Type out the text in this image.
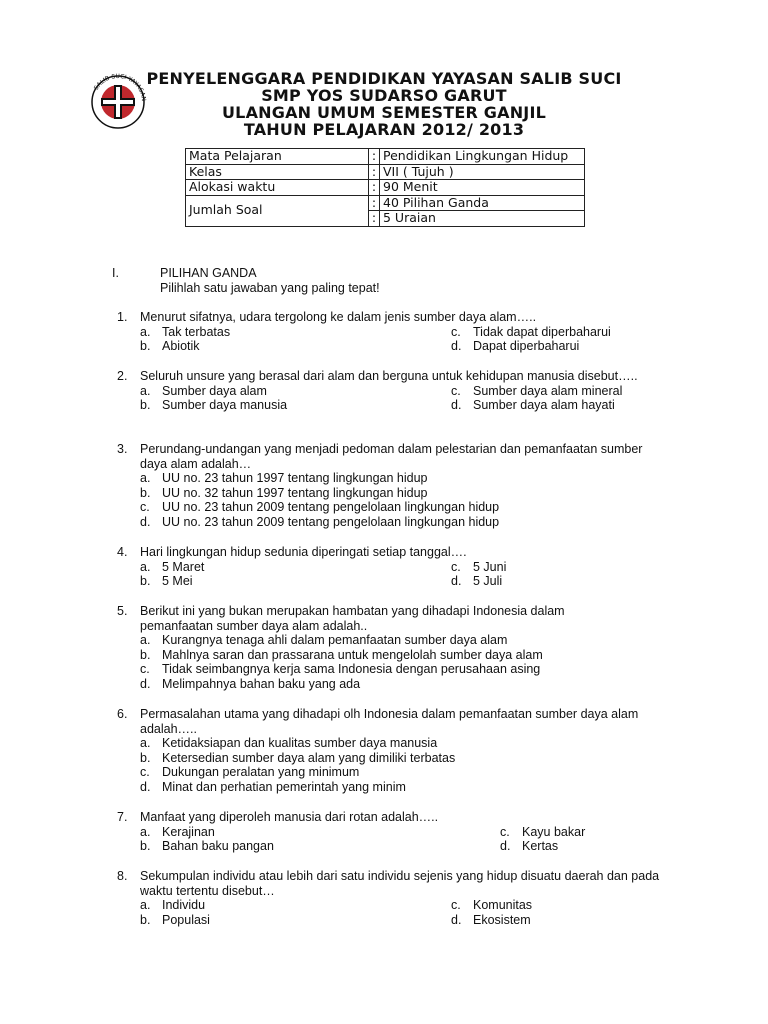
SALIB SUCI YAYASAN
PENYELENGGARA PENDIDIKAN YAYASAN SALIB SUCI
SMP YOS SUDARSO GARUT
ULANGAN UMUM SEMESTER GANJIL
TAHUN PELAJARAN 2012/ 2013
Mata Pelajaran	:	Pendidikan Lingkungan Hidup
Kelas	:	VII ( Tujuh )
Alokasi waktu	:	90 Menit
Jumlah Soal	:	40 Pilihan Ganda
	:	5 Uraian
I.	PILIHAN GANDA
Pilihlah satu jawaban yang paling tepat!
1. Menurut sifatnya, udara tergolong ke dalam jenis sumber daya alam…..
a. Tak terbatas	c. Tidak dapat diperbaharui
b. Abiotik	d. Dapat diperbaharui
2. Seluruh unsure yang berasal dari alam dan berguna untuk kehidupan manusia disebut…..
a. Sumber daya alam	c. Sumber daya alam mineral
b. Sumber daya manusia	d. Sumber daya alam hayati
3. Perundang-undangan yang menjadi pedoman dalam pelestarian dan pemanfaatan sumber daya alam adalah…
a. UU no. 23 tahun 1997 tentang lingkungan hidup
b. UU no. 32 tahun 1997 tentang lingkungan hidup
c. UU no. 23 tahun 2009 tentang pengelolaan lingkungan hidup
d. UU no. 23 tahun 2009 tentang pengelolaan lingkungan hidup
4. Hari lingkungan hidup sedunia diperingati setiap tanggal….
a. 5 Maret	c. 5 Juni
b. 5 Mei	d. 5 Juli
5. Berikut ini yang bukan merupakan hambatan yang dihadapi Indonesia dalam pemanfaatan sumber daya alam adalah..
a. Kurangnya tenaga ahli dalam pemanfaatan sumber daya alam
b. Mahlnya saran dan prassarana untuk mengelolah sumber daya alam
c. Tidak seimbangnya kerja sama Indonesia dengan perusahaan asing
d. Melimpahnya bahan baku yang ada
6. Permasalahan utama yang dihadapi olh Indonesia dalam pemanfaatan sumber daya alam adalah…..
a. Ketidaksiapan dan kualitas sumber daya manusia
b. Ketersedian sumber daya alam yang dimiliki terbatas
c. Dukungan peralatan yang minimum
d. Minat dan perhatian pemerintah yang minim
7. Manfaat yang diperoleh manusia dari rotan adalah…..
a. Kerajinan	c. Kayu bakar
b. Bahan baku pangan	d. Kertas
8. Sekumpulan individu atau lebih dari satu individu sejenis yang hidup disuatu daerah dan pada waktu tertentu disebut…
a. Individu	c. Komunitas
b. Populasi	d. Ekosistem
